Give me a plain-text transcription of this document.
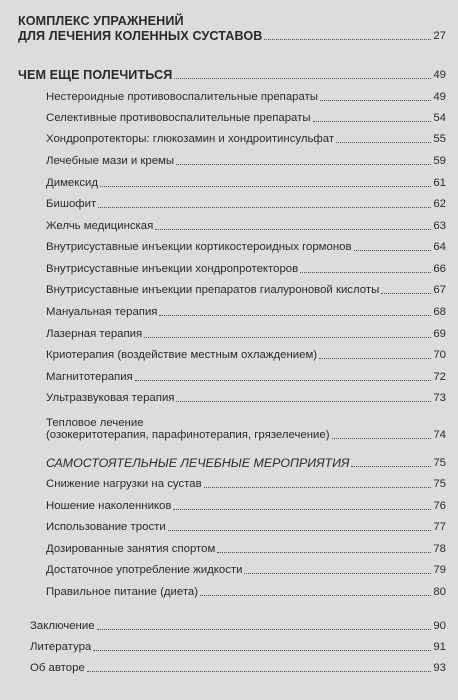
КОМПЛЕКС УПРАЖНЕНИЙ
ДЛЯ ЛЕЧЕНИЯ КОЛЕННЫХ СУСТАВОВ	27
ЧЕМ ЕЩЕ ПОЛЕЧИТЬСЯ	49
Нестероидные противовоспалительные препараты	49
Селективные противовоспалительные препараты	54
Хондропротекторы: глюкозамин и хондроитинсульфат	55
Лечебные мази и кремы	59
Димексид	61
Бишофит	62
Желчь медицинская	63
Внутрисуставные инъекции кортикостероидных гормонов	64
Внутрисуставные инъекции хондропротекторов	66
Внутрисуставные инъекции препаратов гиалуроновой кислоты	67
Мануальная терапия	68
Лазерная терапия	69
Криотерапия (воздействие местным охлаждением)	70
Магнитотерапия	72
Ультразвуковая терапия	73
Тепловое лечение
(озокеритотерапия, парафинотерапия, грязелечение)	74
САМОСТОЯТЕЛЬНЫЕ ЛЕЧЕБНЫЕ МЕРОПРИЯТИЯ	75
Снижение нагрузки на сустав	75
Ношение наколенников	76
Использование трости	77
Дозированные занятия спортом	78
Достаточное употребление жидкости	79
Правильное питание (диета)	80
Заключение	90
Литература	91
Об авторе	93
